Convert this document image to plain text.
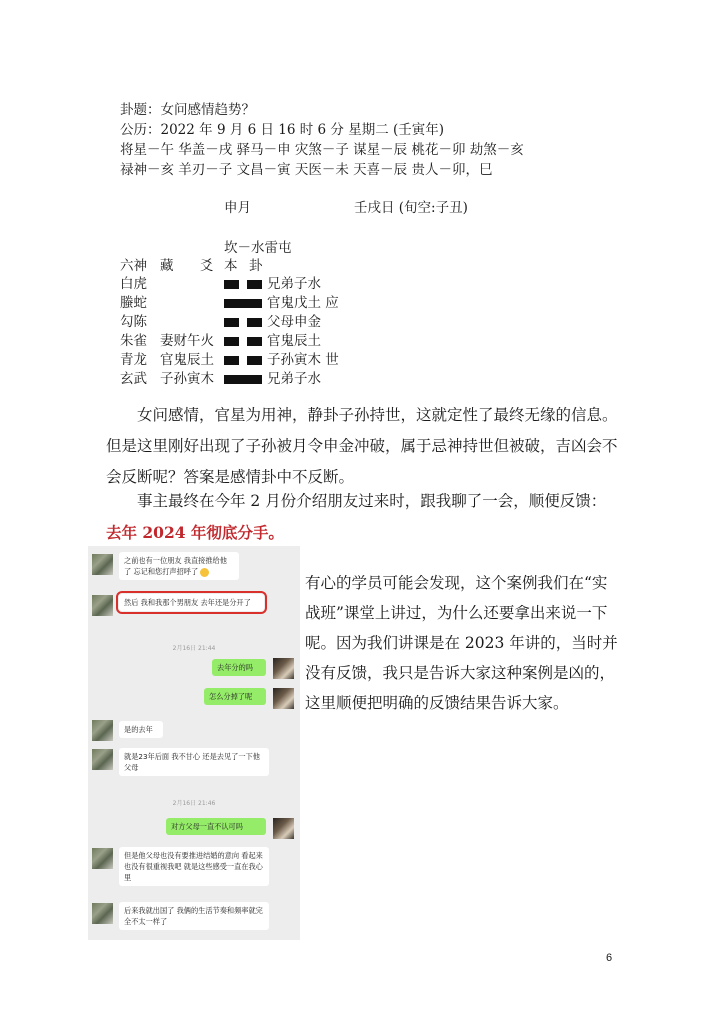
卦题：女问感情趋势？
公历：2022 年 9 月 6 日 16 时 6 分 星期二 (壬寅年)
将星－午 华盖－戌 驿马－申 灾煞－子 谋星－辰 桃花－卯 劫煞－亥
禄神－亥 羊刃－子 文昌－寅 天医－未 天喜－辰 贵人－卯，巳
申月	壬戌日 (旬空:子丑)
坎－水雷屯
六神 藏 爻 本 卦
白虎	兄弟子水
螣蛇	官鬼戊土 应
勾陈	父母申金
朱雀 妻财午火	官鬼辰土
青龙 官鬼辰土	子孙寅木 世
玄武 子孙寅木	兄弟子水
女问感情，官星为用神，静卦子孙持世，这就定性了最终无缘的信息。但是这里刚好出现了子孙被月令申金冲破，属于忌神持世但被破，吉凶会不会反断呢？答案是感情卦中不反断。
事主最终在今年 2 月份介绍朋友过来时，跟我聊了一会，顺便反馈：去年 2024 年彻底分手。
之前也有一位朋友 我直接推给他了 忘记和您打声招呼了
然后 我和我那个男朋友 去年还是分开了
2月16日 21:44
去年分的吗
怎么分掉了呢
是的去年
就是23年后面 我不甘心 还是去见了一下他父母
2月16日 21:46
对方父母一直不认可吗
但是他父母也没有要推进结婚的意向 看起来也没有很重视我吧 就是这些感受一直在我心里
后来我就出国了 我俩的生活节奏和频率就完全不太一样了
有心的学员可能会发现，这个案例我们在“实战班”课堂上讲过，为什么还要拿出来说一下呢。因为我们讲课是在 2023 年讲的，当时并没有反馈，我只是告诉大家这种案例是凶的，这里顺便把明确的反馈结果告诉大家。
6
